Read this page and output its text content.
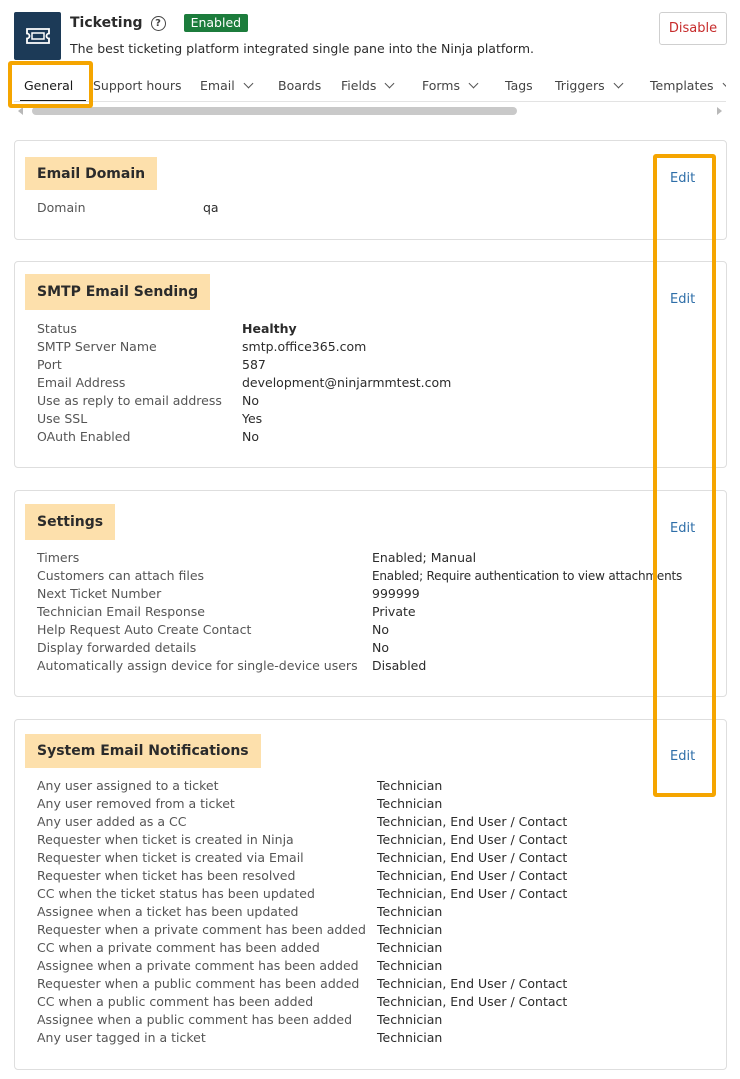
Ticketing	?	Enabled
The best ticketing platform integrated single pane into the Ninja platform.
Disable
General Support hours Email	Boards Fields	Forms	Tags Triggers	Templates
Email Domain	Edit
Domain	qa
SMTP Email Sending	Edit
Status	Healthy
SMTP Server Name	smtp.office365.com
Port	587
Email Address	development@ninjarmmtest.com
Use as reply to email address No
Use SSL	Yes
OAuth Enabled	No
Settings	Edit
Timers	Enabled; Manual
Customers can attach files	Enabled; Require authentication to view attachments
Next Ticket Number	999999
Technician Email Response	Private
Help Request Auto Create Contact	No
Display forwarded details	No
Automatically assign device for single-device users Disabled
System Email Notifications	Edit
Any user assigned to a ticket	Technician
Any user removed from a ticket	Technician
Any user added as a CC	Technician, End User / Contact
Requester when ticket is created in Ninja	Technician, End User / Contact
Requester when ticket is created via Email	Technician, End User / Contact
Requester when ticket has been resolved	Technician, End User / Contact
CC when the ticket status has been updated	Technician, End User / Contact
Assignee when a ticket has been updated	Technician
Requester when a private comment has been added Technician
CC when a private comment has been added	Technician
Assignee when a private comment has been added Technician
Requester when a public comment has been added Technician, End User / Contact
CC when a public comment has been added	Technician, End User / Contact
Assignee when a public comment has been added Technician
Any user tagged in a ticket	Technician
